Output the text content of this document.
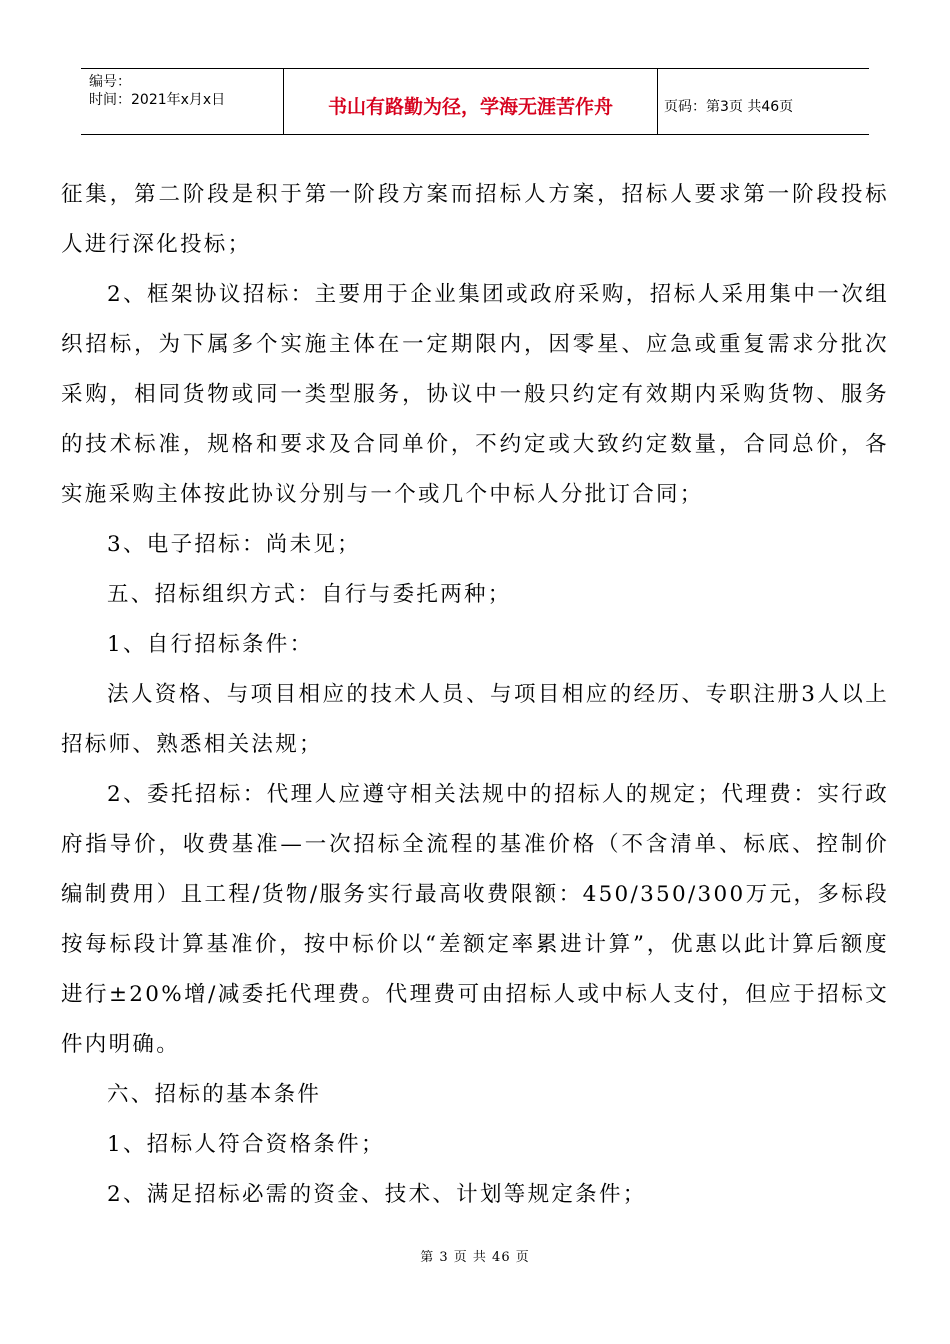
编号：
时间：2021年x月x日	书山有路勤为径，学海无涯苦作舟	页码：第3页 共46页

征集，第二阶段是积于第一阶段方案而招标人方案，招标人要求第一阶段投标人进行深化投标；

2、框架协议招标：主要用于企业集团或政府采购，招标人采用集中一次组织招标，为下属多个实施主体在一定期限内，因零星、应急或重复需求分批次采购，相同货物或同一类型服务，协议中一般只约定有效期内采购货物、服务的技术标准，规格和要求及合同单价，不约定或大致约定数量，合同总价，各实施采购主体按此协议分别与一个或几个中标人分批订合同；

3、电子招标：尚未见；

五、招标组织方式：自行与委托两种；

1、自行招标条件：

法人资格、与项目相应的技术人员、与项目相应的经历、专职注册3人以上招标师、熟悉相关法规；

2、委托招标：代理人应遵守相关法规中的招标人的规定；代理费：实行政府指导价，收费基准—一次招标全流程的基准价格（不含清单、标底、控制价编制费用）且工程/货物/服务实行最高收费限额：450/350/300万元，多标段按每标段计算基准价，按中标价以“差额定率累进计算”，优惠以此计算后额度进行±20%增/减委托代理费。代理费可由招标人或中标人支付，但应于招标文件内明确。

六、招标的基本条件

1、招标人符合资格条件；

2、满足招标必需的资金、技术、计划等规定条件；

第 3 页 共 46 页
